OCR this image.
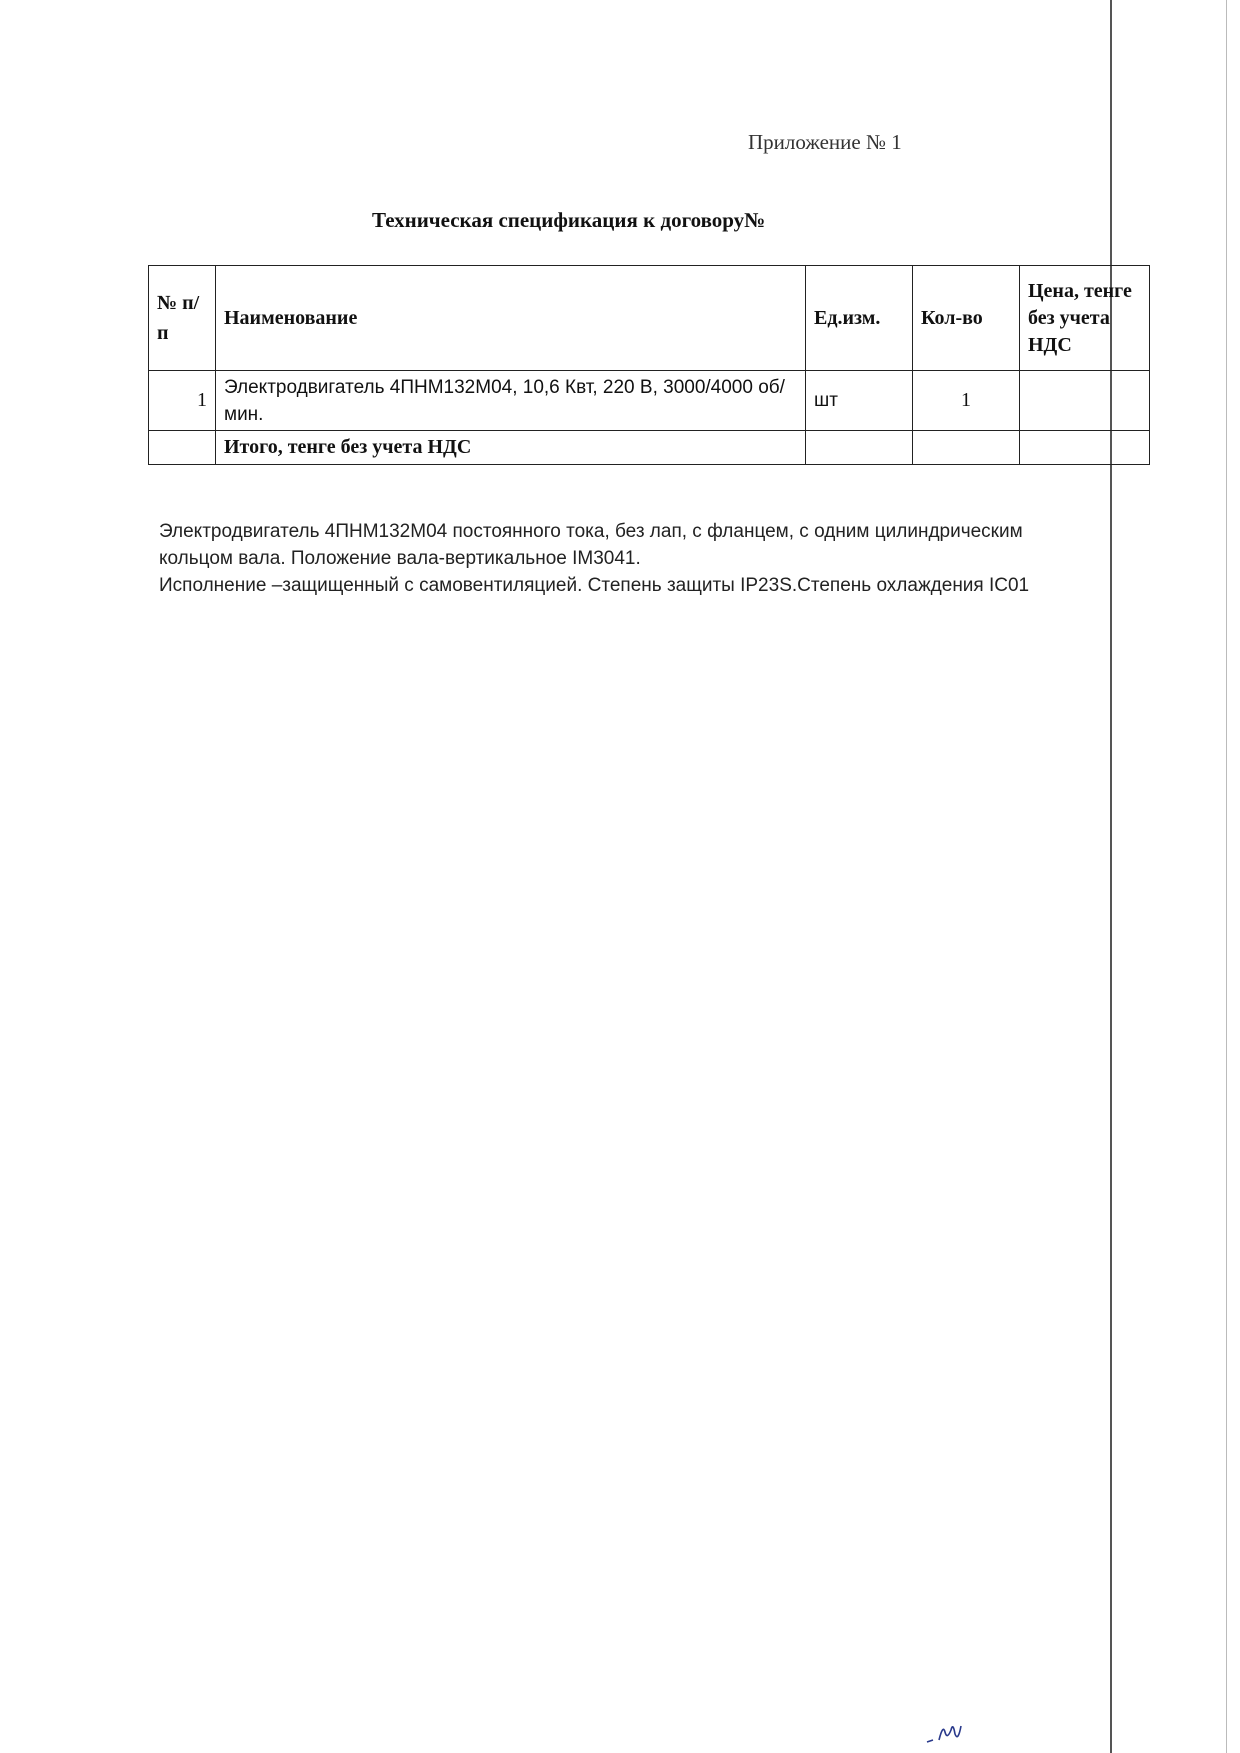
Приложение № 1
Техническая спецификация к договору№
№ п/п	Наименование	Ед.изм.	Кол-во	Цена, тенге без учета НДС
1	Электродвигатель 4ПНМ132М04, 10,6 Квт, 220 В, 3000/4000 об/мин.	шт	1	
	Итого, тенге без учета НДС			

Электродвигатель 4ПНМ132М04 постоянного тока, без лап, с фланцем, с одним цилиндрическим

кольцом вала. Положение вала-вертикальное IM3041.

Исполнение –защищенный с самовентиляцией. Степень защиты IP23S.Степень охлаждения IC01
